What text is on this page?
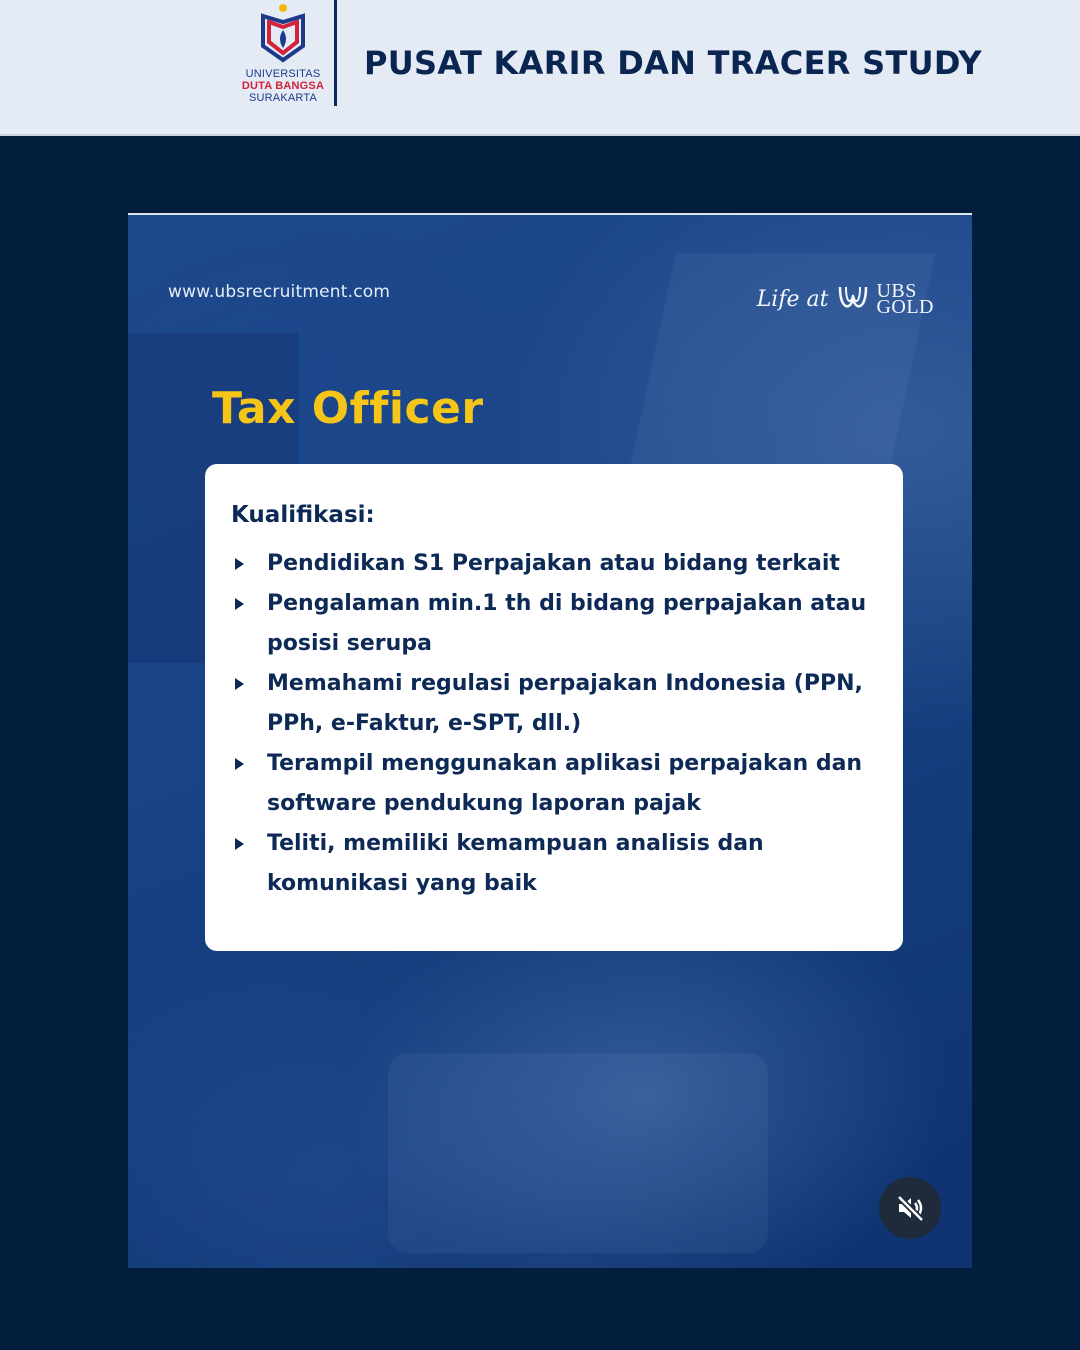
UNIVERSITAS
DUTA BANGSA
SURAKARTA
PUSAT KARIR DAN TRACER STUDY
www.ubsrecruitment.com	Life at UBS
GOLD
Tax Officer
Kualifikasi:
Pendidikan S1 Perpajakan atau bidang terkait
Pengalaman min.1 th di bidang perpajakan atau posisi serupa
Memahami regulasi perpajakan Indonesia (PPN, PPh, e-Faktur, e-SPT, dll.)
Terampil menggunakan aplikasi perpajakan dan software pendukung laporan pajak
Teliti, memiliki kemampuan analisis dan komunikasi yang baik
